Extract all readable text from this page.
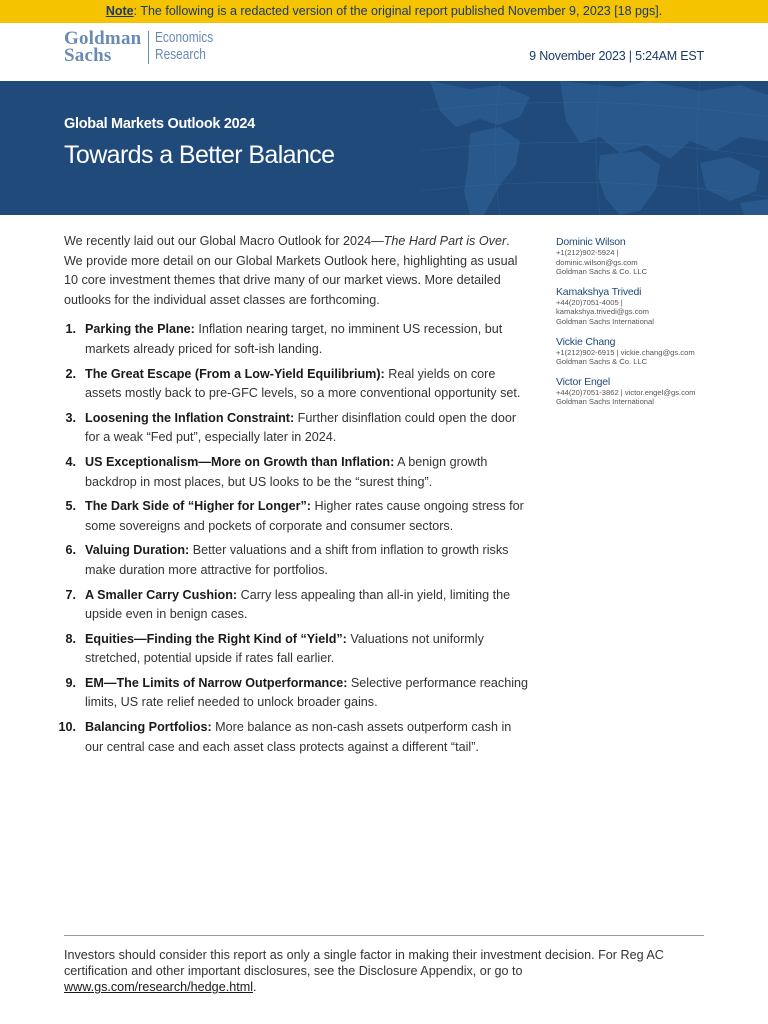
Note: The following is a redacted version of the original report published November 9, 2023 [18 pgs].
Goldman
Sachs
Economics
Research	9 November 2023 | 5:24AM EST
Global Markets Outlook 2024
Towards a Better Balance

We recently laid out our Global Macro Outlook for 2024—The Hard Part is Over. We provide more detail on our Global Markets Outlook here, highlighting as usual 10 core investment themes that drive many of our market views. More detailed outlooks for the individual asset classes are forthcoming.

1. Parking the Plane: Inflation nearing target, no imminent US recession, but markets already priced for soft-ish landing.
2. The Great Escape (From a Low-Yield Equilibrium): Real yields on core assets mostly back to pre-GFC levels, so a more conventional opportunity set.
3. Loosening the Inflation Constraint: Further disinflation could open the door for a weak “Fed put”, especially later in 2024.
4. US Exceptionalism—More on Growth than Inflation: A benign growth backdrop in most places, but US looks to be the “surest thing”.
5. The Dark Side of “Higher for Longer”: Higher rates cause ongoing stress for some sovereigns and pockets of corporate and consumer sectors.
6. Valuing Duration: Better valuations and a shift from inflation to growth risks make duration more attractive for portfolios.
7. A Smaller Carry Cushion: Carry less appealing than all-in yield, limiting the upside even in benign cases.
8. Equities—Finding the Right Kind of “Yield”: Valuations not uniformly stretched, potential upside if rates fall earlier.
9. EM—The Limits of Narrow Outperformance: Selective performance reaching limits, US rate relief needed to unlock broader gains.
10. Balancing Portfolios: More balance as non-cash assets outperform cash in our central case and each asset class protects against a different “tail”.
Dominic Wilson
+1(212)902-5924 |
dominic.wilson@gs.com
Goldman Sachs & Co. LLC
Kamakshya Trivedi
+44(20)7051-4005 |
kamakshya.trivedi@gs.com
Goldman Sachs International
Vickie Chang
+1(212)902-6915 | vickie.chang@gs.com
Goldman Sachs & Co. LLC
Victor Engel
+44(20)7051-3862 | victor.engel@gs.com
Goldman Sachs International
Investors should consider this report as only a single factor in making their investment decision. For Reg AC certification and other important disclosures, see the Disclosure Appendix, or go to www.gs.com/research/hedge.html.
